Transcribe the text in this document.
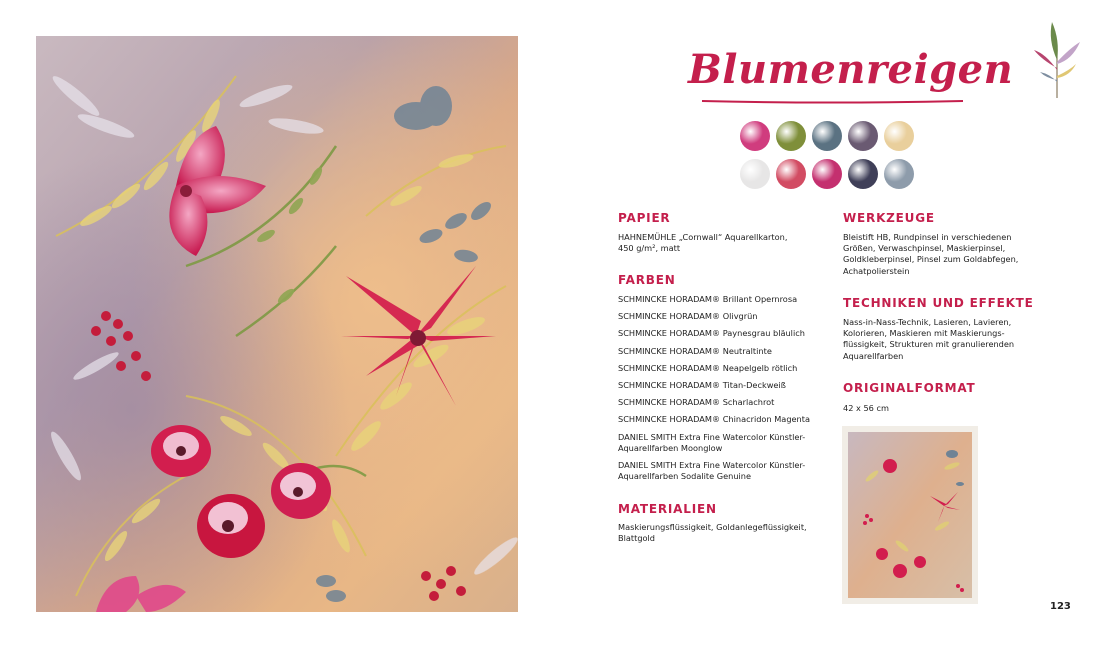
Blumenreigen
PAPIER
HAHNEMÜHLE „Cornwall“ Aquarellkarton,
450 g/m², matt
FARBEN
SCHMINCKE HORADAM® Brillant Opernrosa
SCHMINCKE HORADAM® Olivgrün
SCHMINCKE HORADAM® Paynesgrau bläulich
SCHMINCKE HORADAM® Neutraltinte
SCHMINCKE HORADAM® Neapelgelb rötlich
SCHMINCKE HORADAM® Titan-Deckweiß
SCHMINCKE HORADAM® Scharlachrot
SCHMINCKE HORADAM® Chinacridon Magenta
DANIEL SMITH Extra Fine Watercolor Künstler-
Aquarellfarben Moonglow
DANIEL SMITH Extra Fine Watercolor Künstler-
Aquarellfarben Sodalite Genuine
MATERIALIEN
Maskierungsflüssigkeit, Goldanlegeflüssigkeit,
Blattgold
WERKZEUGE
Bleistift HB, Rundpinsel in verschiedenen
Größen, Verwaschpinsel, Maskierpinsel,
Goldkleberpinsel, Pinsel zum Goldabfegen,
Achatpolierstein
TECHNIKEN UND EFFEKTE
Nass-in-Nass-Technik, Lasieren, Lavieren,
Kolorieren, Maskieren mit Maskierungs-
flüssigkeit, Strukturen mit granulierenden
Aquarellfarben
ORIGINALFORMAT
42 x 56 cm
123
